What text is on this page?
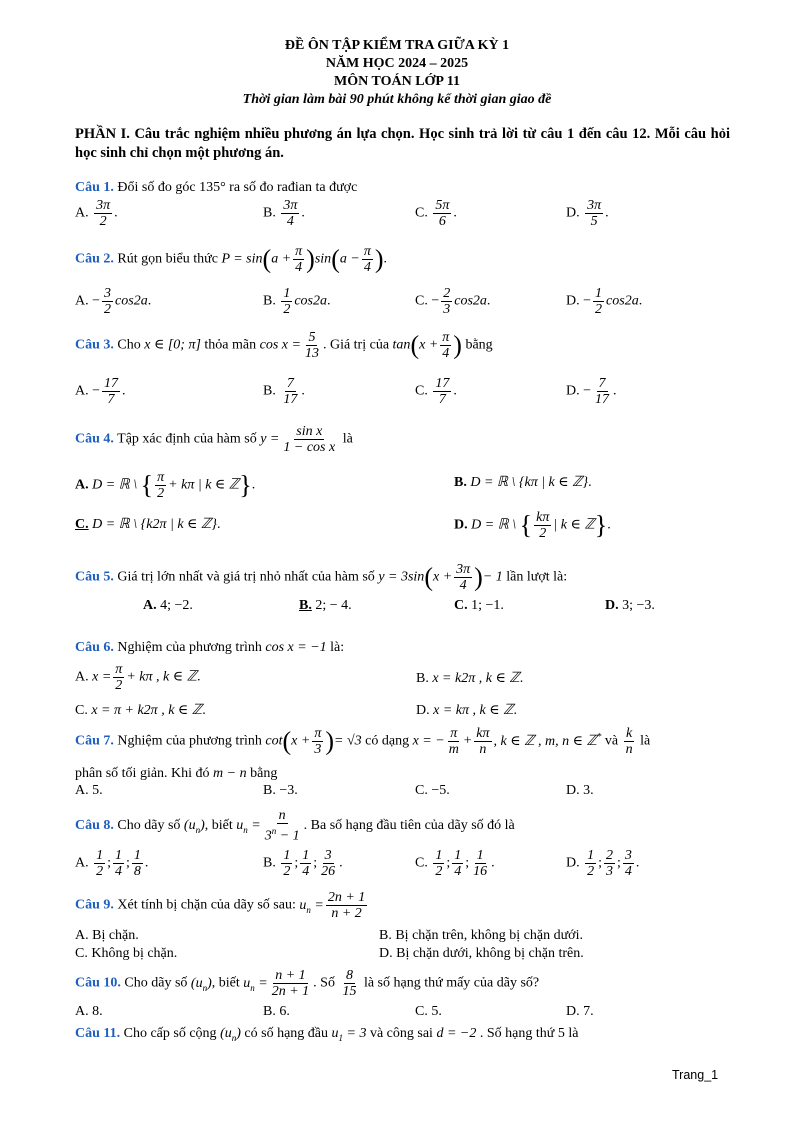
ĐỀ ÔN TẬP KIỂM TRA GIỮA KỲ 1
NĂM HỌC 2024 – 2025
MÔN TOÁN LỚP 11
Thời gian làm bài 90 phút không kể thời gian giao đề
PHẦN I. Câu trắc nghiệm nhiều phương án lựa chọn. Học sinh trả lời từ câu 1 đến câu 12. Mỗi câu hỏi học sinh chỉ chọn một phương án.
Câu 1. Đổi số đo góc 135° ra số đo rađian ta được
A. $\frac{3\pi}{2}$ .	B. $\frac{3\pi}{4}$ .	C. $\frac{5\pi}{6}$ .	D. $\frac{3\pi}{5}$ .
Câu 2. Rút gọn biểu thức $P = \sin(a + \frac{\pi}{4} )\sin(a - \frac{\pi}{4}$ ).
A. − $\frac{3}{2} \cos 2a$.	B. $\frac{1}{2} \cos 2a$.	C. − $\frac{2}{3} \cos 2a$.	D. − $\frac{1}{2} \cos 2a$.
Câu 3. Cho x ∈ [0; π] thỏa mãn $\cos x = \frac{5}{13}$ . Giá trị của $\tan(x + \frac{\pi}{4}$ ) bằng
A. − $\frac{17}{7}$ .	B. $\frac{7}{17}$ .	C. $\frac{17}{7}$ .	D. − $\frac{7}{17}$ .
Câu 4. Tập xác định của hàm số $y = \frac{\text{sin x}}{\text{1 − cos x}}$ là
A. D = ℝ \ { $\frac{\pi}{2} + k\pi$ | k ∈ ℤ}.	B. D = ℝ \ {kπ | k ∈ ℤ}.
C. D = ℝ \ {k2π | k ∈ ℤ}.	D. D = ℝ \ { $\frac{k\pi}{2}$ | k ∈ ℤ}.
Câu 5. Giá trị lớn nhất và giá trị nhỏ nhất của hàm số $y = 3\sin(x + \frac{3\pi}{4}$ )− 1 lần lượt là:
A. 4; −2.	B. 2; − 4.	C. 1; −1.	D. 3; −3.
Câu 6. Nghiệm của phương trình cos x = −1 là:
A. $x = \frac{\pi}{2} + k\pi$ , k ∈ ℤ.	B. x = k2π , k ∈ ℤ.
C. x = π + k2π , k ∈ ℤ.	D. x = kπ , k ∈ ℤ.
Câu 7. Nghiệm của phương trình $\cot(x + \frac{\pi}{3}$ )= √3 có dạng x = − $\frac{\pi}{m} + \frac{k\pi}{n}$ , k ∈ ℤ , m, n ∈ ℤ* và $\frac{k}{n}$ là
phân số tối giản. Khi đó m − n bằng
A. 5.	B. −3.	C. −5.	D. 3.
Câu 8. Cho dãy số $(u_n)$, biết $u_n = \frac{n}{3^n - 1}$ . Ba số hạng đầu tiên của dãy số đó là
A. $\frac{1}{2}$ ; $\frac{1}{4}$ ; $\frac{1}{8}$ .	B. $\frac{1}{2}$ ; $\frac{1}{4}$ ; $\frac{3}{26}$ .	C. $\frac{1}{2}$ ; $\frac{1}{4}$ ; $\frac{1}{16}$ .	D. $\frac{1}{2}$ ; $\frac{2}{3}$ ; $\frac{3}{4}$ .
Câu 9. Xét tính bị chặn của dãy số sau: $u_n = \frac{2n + 1}{n + 2}$
A. Bị chặn.	B. Bị chặn trên, không bị chặn dưới.
C. Không bị chặn.	D. Bị chặn dưới, không bị chặn trên.
Câu 10. Cho dãy số $(u_n)$, biết $u_n = \frac{n + 1}{2n + 1}$ . Số $\frac{8}{15}$ là số hạng thứ mấy của dãy số?
A. 8.	B. 6.	C. 5.	D. 7.
Câu 11. Cho cấp số cộng $(u_n)$ có số hạng đầu $u_1 = 3$ và công sai d = −2 . Số hạng thứ 5 là
Trang_1
